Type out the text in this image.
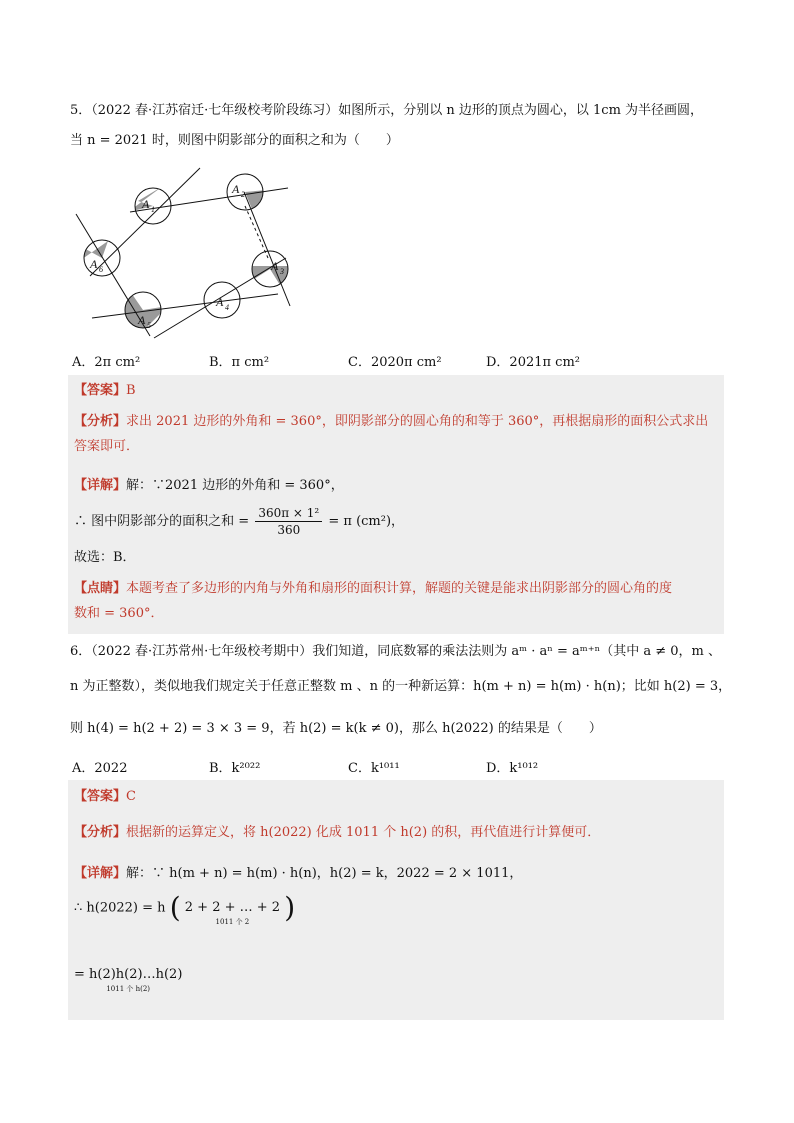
5．（2022 春·江苏宿迁·七年级校考阶段练习）如图所示，分别以 n 边形的顶点为圆心，以 1cm 为半径画圆，
当 n = 2021 时，则图中阴影部分的面积之和为（　　）
A 1
A 2
A 3
A 4
A 5
A 6
A．2π cm²	B．π cm²	C．2020π cm²	D．2021π cm²
【答案】B
【分析】求出 2021 边形的外角和 = 360°，即阴影部分的圆心角的和等于 360°，再根据扇形的面积公式求出
答案即可．
【详解】解：∵2021 边形的外角和 = 360°，
∴ 图中阴影部分的面积之和 = $\frac{\text{360π × 1²}}{360} = \pi$ (cm²)，
故选：B．
【点睛】本题考查了多边形的内角与外角和扇形的面积计算，解题的关键是能求出阴影部分的圆心角的度
数和 = 360°．
6．（2022 春·江苏常州·七年级校考期中）我们知道，同底数幂的乘法法则为 aᵐ · aⁿ = aᵐ⁺ⁿ（其中 a ≠ 0，m 、
n 为正整数），类似地我们规定关于任意正整数 m 、n 的一种新运算：h(m + n) = h(m) · h(n)；比如 h(2) = 3，
则 h(4) = h(2 + 2) = 3 × 3 = 9，若 h(2) = k(k ≠ 0)，那么 h(2022) 的结果是（　　）
A．2022	B．k²⁰²²	C．k¹⁰¹¹	D．k¹⁰¹²
【答案】C
【分析】根据新的运算定义，将 h(2022) 化成 1011 个 h(2) 的积，再代值进行计算便可．
【详解】解：∵ h(m + n) = h(m) · h(n)，h(2) = k，2022 = 2 × 1011，
∴ h(2022) = h ( 2 + 2 + … + 2
1011 个 2	)
= h(2)h(2)…h(2)
1011 个 h(2)
